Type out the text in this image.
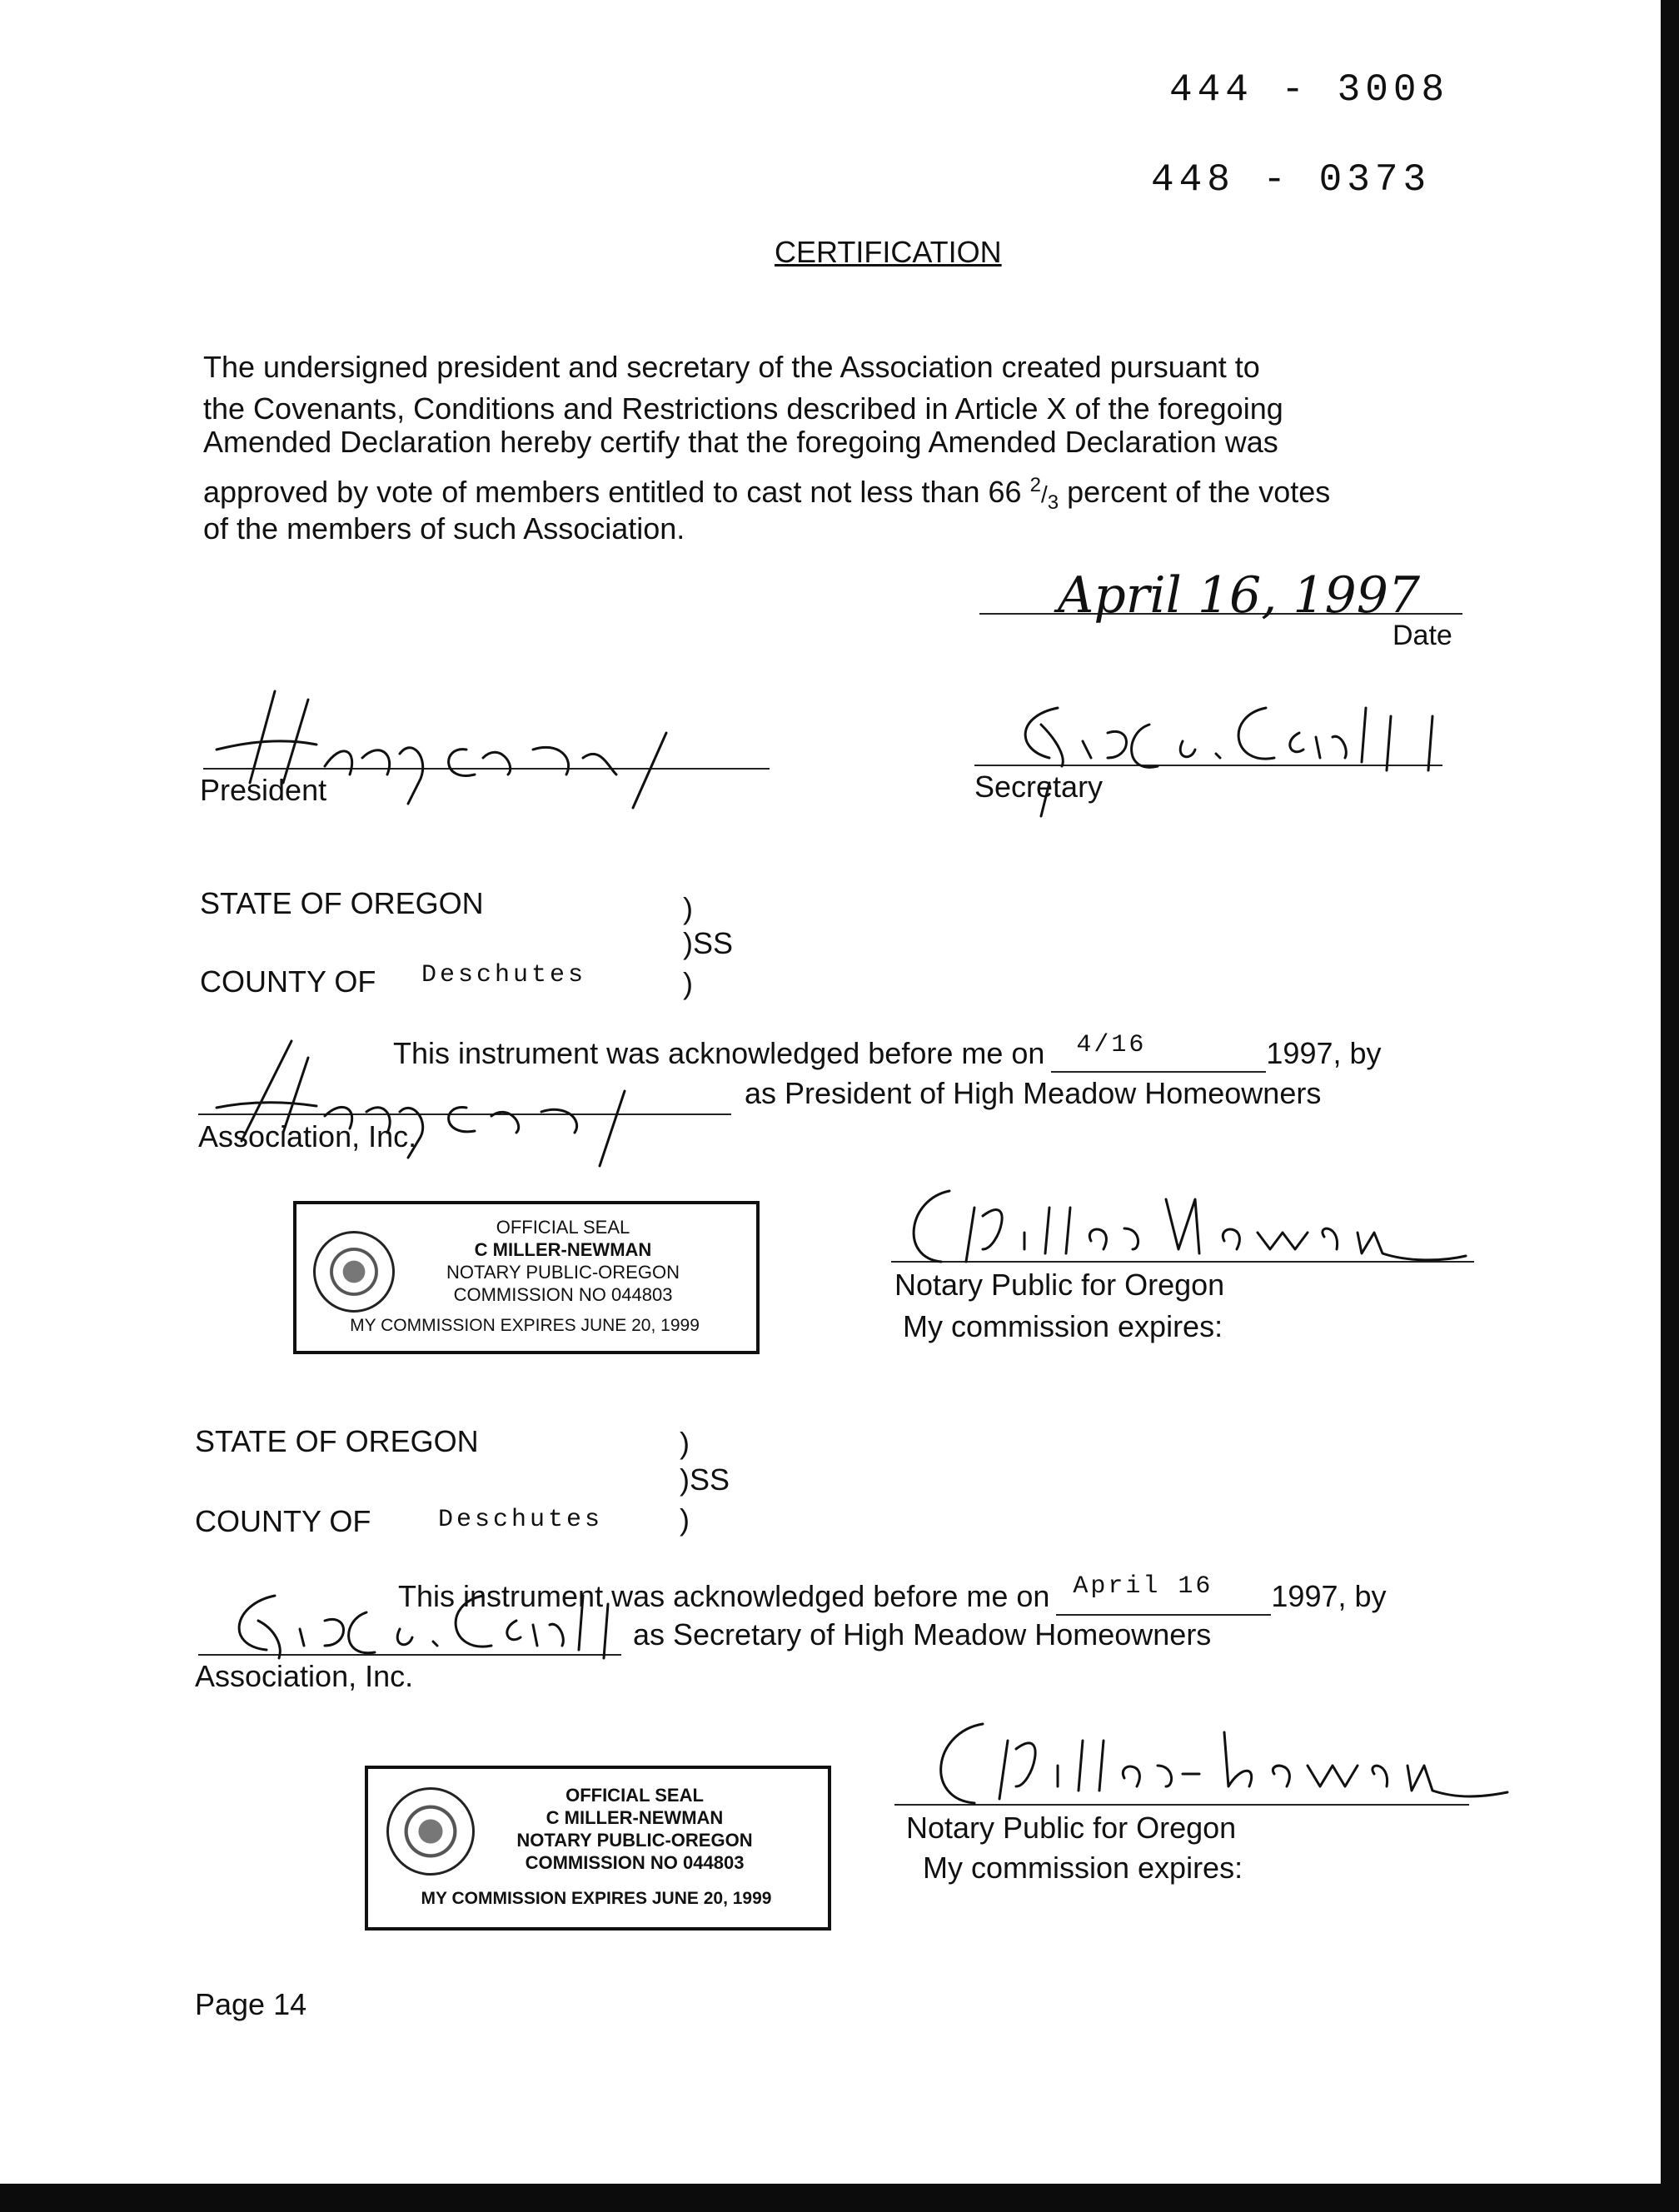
444 - 3008
448 - 0373
CERTIFICATION
The undersigned president and secretary of the Association created pursuant to
the Covenants, Conditions and Restrictions described in Article X of the foregoing
Amended Declaration hereby certify that the foregoing Amended Declaration was
approved by vote of members entitled to cast not less than 66 $^2/_3$ percent of the votes
of the members of such Association.
April 16, 1997
Date
President	Secretary
STATE OF OREGON	)
)SS
)
COUNTY OF Deschutes
This instrument was acknowledged before me on 4/16	1997, by
as President of High Meadow Homeowners
Association, Inc.
OFFICIAL SEAL
C MILLER-NEWMAN
NOTARY PUBLIC-OREGON
COMMISSION NO 044803
MY COMMISSION EXPIRES JUNE 20, 1999
Notary Public for Oregon
My commission expires:
STATE OF OREGON	)
)SS
)
COUNTY OF	Deschutes
This instrument was acknowledged before me on April 16 1997, by
as Secretary of High Meadow Homeowners
Association, Inc.
OFFICIAL SEAL
C MILLER-NEWMAN
NOTARY PUBLIC-OREGON
COMMISSION NO 044803
MY COMMISSION EXPIRES JUNE 20, 1999
Notary Public for Oregon
My commission expires:
Page 14
